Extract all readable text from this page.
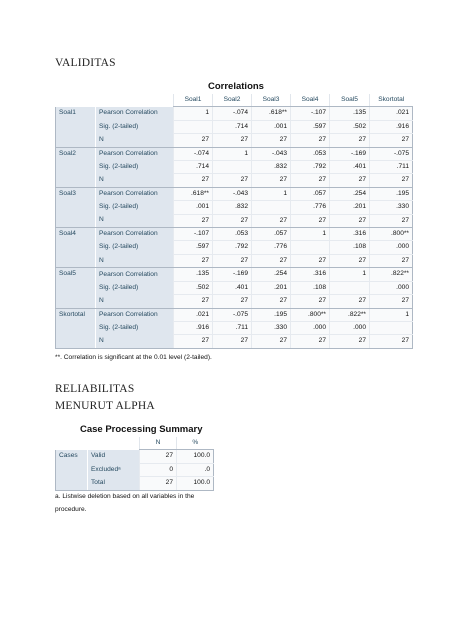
VALIDITAS
Correlations
		Soal1	Soal2	Soal3	Soal4	Soal5	Skortotal
Soal1	Pearson Correlation	1	-.074	.618**	-.107	.135	.021
	Sig. (2-tailed)		.714	.001	.597	.502	.916
	N	27	27	27	27	27	27
Soal2	Pearson Correlation	-.074	1	-.043	.053	-.169	-.075
	Sig. (2-tailed)	.714		.832	.792	.401	.711
	N	27	27	27	27	27	27
Soal3	Pearson Correlation	.618**	-.043	1	.057	.254	.195
	Sig. (2-tailed)	.001	.832		.776	.201	.330
	N	27	27	27	27	27	27
Soal4	Pearson Correlation	-.107	.053	.057	1	.316	.800**
	Sig. (2-tailed)	.597	.792	.776		.108	.000
	N	27	27	27	27	27	27
Soal5	Pearson Correlation	.135	-.169	.254	.316	1	.822**
	Sig. (2-tailed)	.502	.401	.201	.108		.000
	N	27	27	27	27	27	27
Skortotal	Pearson Correlation	.021	-.075	.195	.800**	.822**	1
	Sig. (2-tailed)	.916	.711	.330	.000	.000	
	N	27	27	27	27	27	27
**. Correlation is significant at the 0.01 level (2-tailed).
RELIABILITAS
MENURUT ALPHA
Case Processing Summary
		N	%
Cases	Valid	27	100.0
	Excludedᵃ	0	.0
	Total	27	100.0
a. Listwise deletion based on all variables in the
procedure.
